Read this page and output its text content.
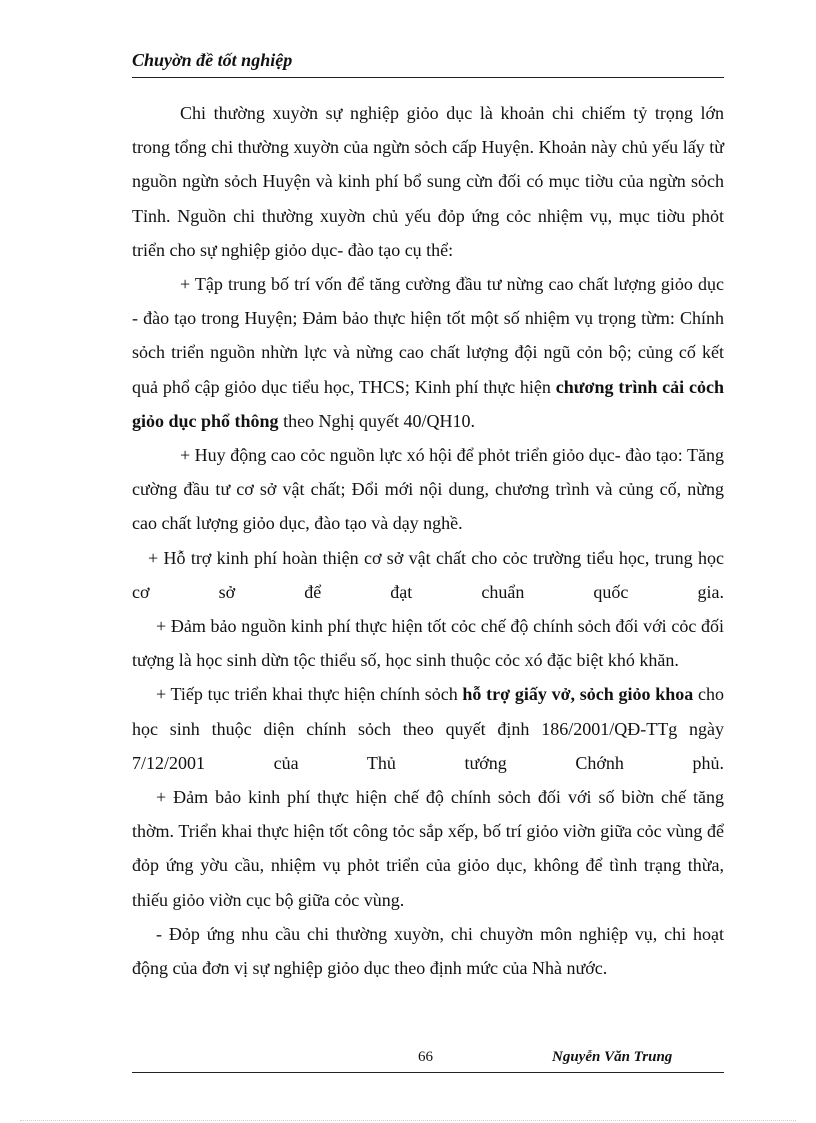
Chuyờn đề tốt nghiệp

Chi thường xuyờn sự nghiệp giỏo dục là khoản chi chiếm tỷ trọng lớn trong tổng chi thường xuyờn của ngừn sỏch cấp Huyện. Khoản này chủ yếu lấy từ nguồn ngừn sỏch Huyện và kinh phí bổ sung cừn đối có mục tiờu của ngừn sỏch Tỉnh. Nguồn chi thường xuyờn chủ yếu đỏp ứng cỏc nhiệm vụ, mục tiờu phỏt triển cho sự nghiệp giỏo dục- đào tạo cụ thể:

+ Tập trung bố trí vốn để tăng cường đầu tư nừng cao chất lượng giỏo dục - đào tạo trong Huyện; Đảm bảo thực hiện tốt một số nhiệm vụ trọng từm: Chính sỏch triển nguồn nhừn lực và nừng cao chất lượng đội ngũ cỏn bộ; củng cố kết quả phổ cập giỏo dục tiểu học, THCS; Kinh phí thực hiện chương trình cải cỏch giỏo dục phổ thông theo Nghị quyết 40/QH10.

+ Huy động cao cỏc nguồn lực xó hội để phỏt triển giỏo dục- đào tạo: Tăng cường đầu tư cơ sở vật chất; Đổi mới nội dung, chương trình và củng cố, nừng cao chất lượng giỏo dục, đào tạo và dạy nghề.

+ Hỗ trợ kinh phí hoàn thiện cơ sở vật chất cho cỏc trường tiểu học, trung học cơ sở để đạt chuẩn quốc gia.

+ Đảm bảo nguồn kinh phí thực hiện tốt cỏc chế độ chính sỏch đối với cỏc đối tượng là học sinh dừn tộc thiểu số, học sinh thuộc cỏc xó đặc biệt khó khăn.

+ Tiếp tục triển khai thực hiện chính sỏch hỗ trợ giấy vở, sỏch giỏo khoa cho học sinh thuộc diện chính sỏch theo quyết định 186/2001/QĐ-TTg ngày 7/12/2001 của Thủ tướng Chớnh phủ.

+ Đảm bảo kinh phí thực hiện chế độ chính sỏch đối với số biờn chế tăng thờm. Triển khai thực hiện tốt công tỏc sắp xếp, bố trí giỏo viờn giữa cỏc vùng để đỏp ứng yờu cầu, nhiệm vụ phỏt triển của giỏo dục, không để tình trạng thừa, thiếu giỏo viờn cục bộ giữa cỏc vùng.

- Đỏp ứng nhu cầu chi thường xuyờn, chi chuyờn môn nghiệp vụ, chi hoạt động của đơn vị sự nghiệp giỏo dục theo định mức của Nhà nước.

66	Nguyễn Văn Trung
